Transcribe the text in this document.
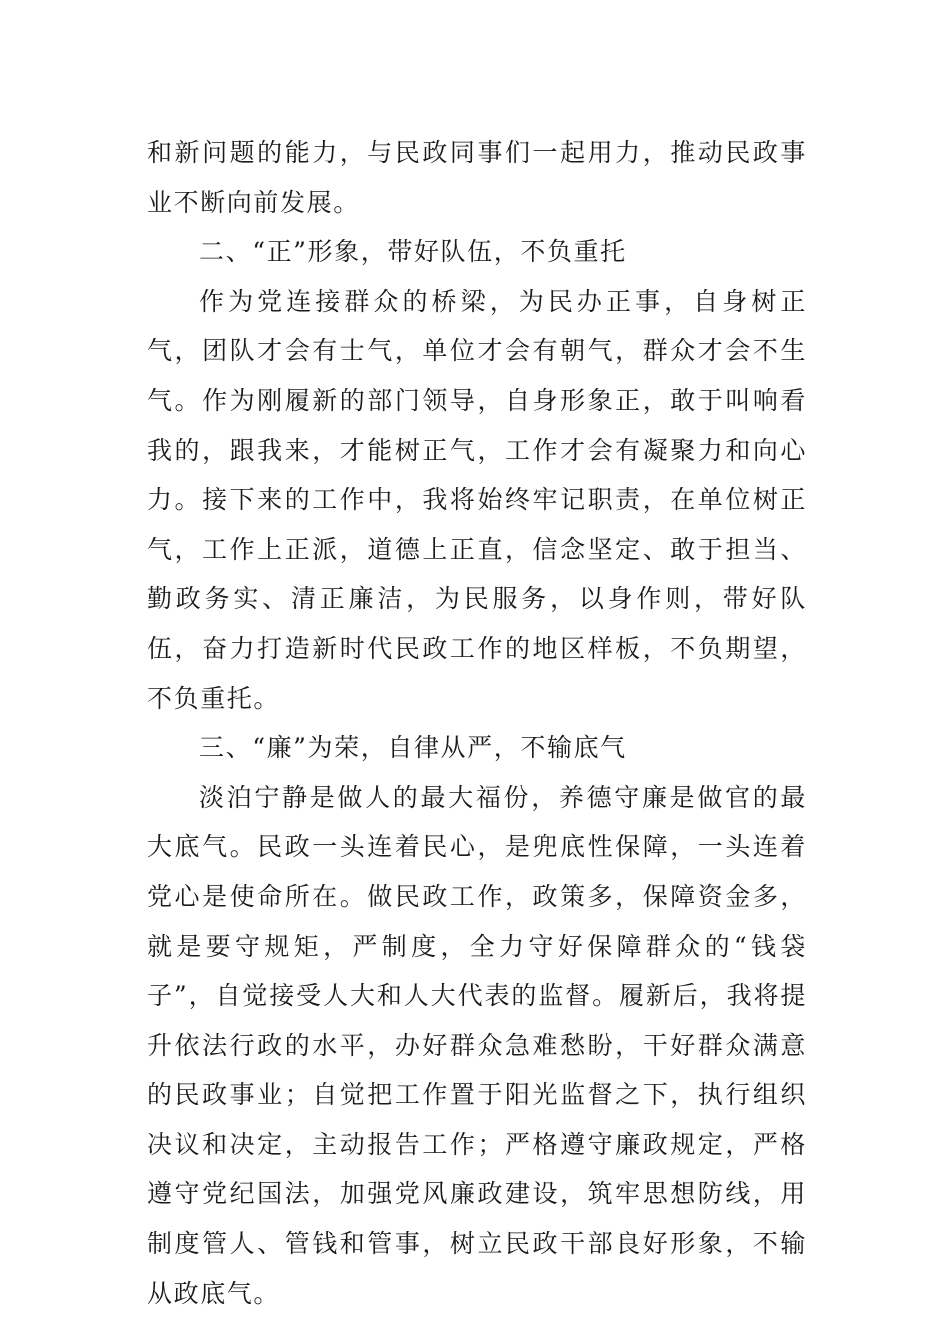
和新问题的能力，与民政同事们一起用力，推动民政事业不断向前发展。

二、“正”形象，带好队伍，不负重托

作为党连接群众的桥梁，为民办正事，自身树正气，团队才会有士气，单位才会有朝气，群众才会不生气。作为刚履新的部门领导，自身形象正，敢于叫响看我的，跟我来，才能树正气，工作才会有凝聚力和向心力。接下来的工作中，我将始终牢记职责，在单位树正气，工作上正派，道德上正直，信念坚定、敢于担当、勤政务实、清正廉洁，为民服务，以身作则，带好队伍，奋力打造新时代民政工作的地区样板，不负期望，不负重托。

三、“廉”为荣，自律从严，不输底气

淡泊宁静是做人的最大福份，养德守廉是做官的最大底气。民政一头连着民心，是兜底性保障，一头连着党心是使命所在。做民政工作，政策多，保障资金多，就是要守规矩，严制度，全力守好保障群众的“钱袋子”，自觉接受人大和人大代表的监督。履新后，我将提升依法行政的水平，办好群众急难愁盼，干好群众满意的民政事业；自觉把工作置于阳光监督之下，执行组织决议和决定，主动报告工作；严格遵守廉政规定，严格遵守党纪国法，加强党风廉政建设，筑牢思想防线，用制度管人、管钱和管事，树立民政干部良好形象，不输从政底气。
